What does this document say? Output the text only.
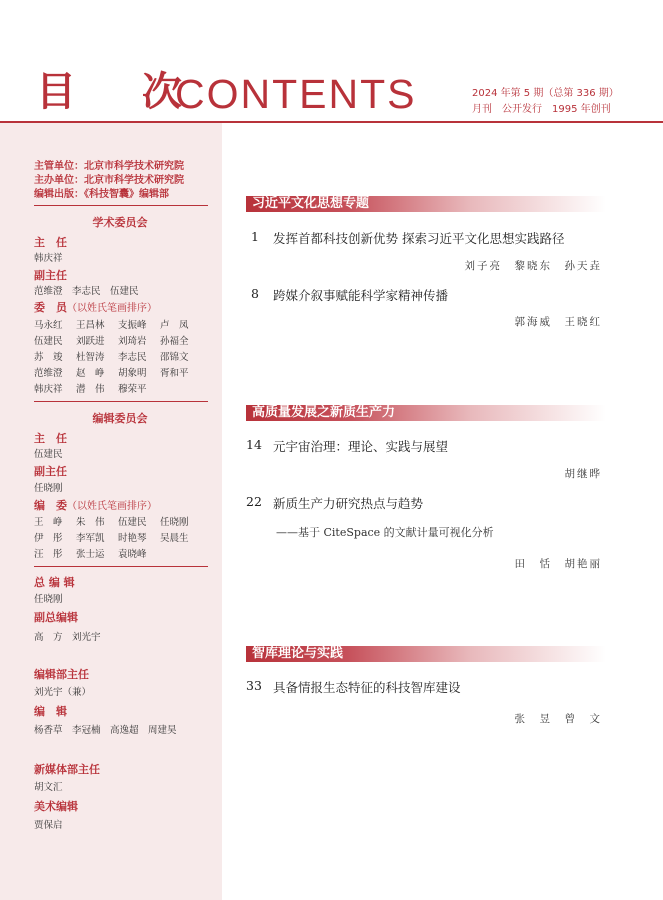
目 次
CONTENTS	2024 年第 5 期（总第 336 期）
月刊　公开发行　1995 年创刊
主管单位：北京市科学技术研究院
主办单位：北京市科学技术研究院
编辑出版：《科技智囊》编辑部
学术委员会
主　任
韩庆祥
副主任
范维澄　李志民　伍建民
委　员（以姓氏笔画排序）
马永红 王昌林 支振峰 卢　凤
伍建民 刘跃进 刘琦岩 孙福全
苏　竣 杜智涛 李志民 邵锦文
范维澄 赵　峥 胡象明 胥和平
韩庆祥 潜　伟 穆荣平
编辑委员会
主　任
伍建民
副主任
任晓刚
编　委（以姓氏笔画排序）
王　峥 朱　伟 伍建民 任晓刚
伊　彤 李军凯 时艳琴 吴晨生
汪　彤 张士运 袁晓峰
总 编 辑
任晓刚
副总编辑
高　方　刘光宇
编辑部主任
刘光宇（兼）
编　辑
杨香草　李冠楠　高逸超　周建昊
新媒体部主任
胡文汇
美术编辑
贾保启
习近平文化思想专题
1 发挥首都科技创新优势 探索习近平文化思想实践路径
刘子亮　黎晓东　孙天垚
8 跨媒介叙事赋能科学家精神传播
郭海威　王晓红
高质量发展之新质生产力
14 元宇宙治理：理论、实践与展望
胡继晔
22 新质生产力研究热点与趋势
——基于 CiteSpace 的文献计量可视化分析
田　恬　胡艳丽
智库理论与实践
33 具备情报生态特征的科技智库建设
张　昱　曾　文
